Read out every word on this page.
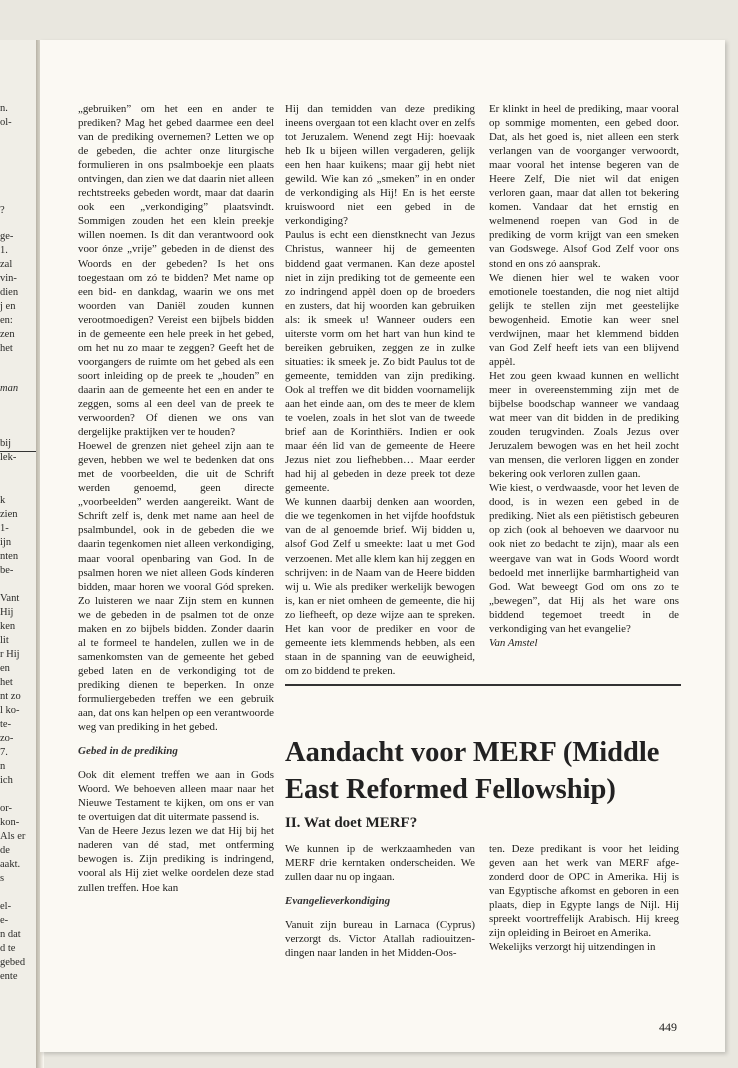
n.
ol-
?
ge-
1.
zal
vin-
dien
j en
en:
zen
het
man
bij
lek-
k
zien
1-
ijn
nten
be-
Vant
Hij
ken
lit
r Hij
en
het
nt zo
l ko-
te-
zo-
7.
n
ich
or-
kon-
Als er
de
aakt.
s
el-
e-
n dat
d te
gebed
ente

„gebruiken” om het een en ander te prediken? Mag het gebed daarmee een deel van de prediking overnemen? Letten we op de gebeden, die achter onze liturgische formulieren in ons psalmboekje een plaats ontvingen, dan zien we dat daarin niet alleen rechtstreeks gebeden wordt, maar dat daarin ook een „verkondiging” plaatsvindt. Sommigen zouden het een klein preekje willen noemen. Is dit dan verantwoord ook voor ónze „vrije” gebeden in de dienst des Woords en der gebeden? Is het ons toegestaan om zó te bidden? Met name op een bid- en dankdag, waarin we ons met woorden van Daniël zouden kunnen verootmoedigen? Vereist een bijbels bidden in de gemeente een hele preek in het gebed, om het nu zo maar te zeggen? Geeft het de voorgangers de ruimte om het gebed als een soort inleiding op de preek te „houden” en daarin aan de gemeente het een en ander te zeggen, soms al een deel van de preek te verwoorden? Of dienen we ons van dergelijke praktijken ver te houden?

Hoewel de grenzen niet geheel zijn aan te geven, hebben we wel te bedenken dat ons met de voorbeelden, die uit de Schrift werden genoemd, geen directe „voorbeelden” werden aangereikt. Want de Schrift zelf is, denk met name aan heel de psalmbundel, ook in de gebeden die we daarin tegenkomen niet alleen verkondiging, maar vooral openbaring van God. In de psalmen horen we niet alleen Gods kínderen bidden, maar horen we vooral Gód spreken. Zo luisteren we naar Zijn stem en kunnen we de gebeden in de psalmen tot de onze maken en zo bijbels bidden. Zonder daarin al te formeel te handelen, zullen we in de samenkomsten van de gemeente het gebed gebed laten en de verkondiging tot de prediking dienen te beperken. In onze formuliergebeden treffen we een gebruik aan, dat ons kan helpen op een verantwoorde weg van prediking in het gebed.

Gebed in de prediking

Ook dit element treffen we aan in Gods Woord. We behoeven alleen maar naar het Nieuwe Testament te kijken, om ons er van te overtuigen dat dit uitermate passend is.

Van de Heere Jezus lezen we dat Hij bij het naderen van dé stad, met ontferming bewogen is. Zijn prediking is indringend, vooral als Hij ziet welke oordelen deze stad zullen treffen. Hoe kan

Hij dan temidden van deze prediking ineens overgaan tot een klacht over en zelfs tot Jeruzalem. Wenend zegt Hij: hoevaak heb Ik u bijeen willen vergaderen, gelijk een hen haar kuikens; maar gij hebt niet gewild. Wie kan zó „smeken” in en onder de verkondiging als Hij! En is het eerste kruiswoord niet een gebed in de verkondiging?

Paulus is echt een dienstknecht van Jezus Christus, wanneer hij de gemeenten biddend gaat vermanen. Kan deze apostel niet in zijn prediking tot de gemeente een zo indringend appèl doen op de broeders en zusters, dat hij woorden kan gebruiken als: ik smeek u! Wanneer ouders een uiterste vorm om het hart van hun kind te bereiken gebruiken, zeggen ze in zulke situaties: ik smeek je. Zo bidt Paulus tot de gemeente, temidden van zijn prediking. Ook al treffen we dit bidden voornamelijk aan het einde aan, om des te meer de klem te voelen, zoals in het slot van de tweede brief aan de Korinthiërs. Indien er ook maar één lid van de gemeente de Heere Jezus niet zou liefhebben… Maar eerder had hij al gebeden in deze preek tot deze gemeente.

We kunnen daarbij denken aan woorden, die we tegenkomen in het vijfde hoofdstuk van de al genoemde brief. Wij bidden u, alsof God Zelf u smeekte: laat u met God verzoenen. Met alle klem kan hij zeggen en schrijven: in de Naam van de Heere bidden wij u. Wie als prediker werkelijk bewogen is, kan er niet omheen de gemeente, die hij zo liefheeft, op deze wijze aan te spreken. Het kan voor de prediker en voor de gemeente iets klemmends hebben, als een staan in de spanning van de eeuwigheid, om zo biddend te preken.

Er klinkt in heel de prediking, maar vooral op sommige momenten, een gebed door. Dat, als het goed is, niet alleen een sterk verlangen van de voorganger verwoordt, maar vooral het intense begeren van de Heere Zelf, Die niet wil dat enigen verloren gaan, maar dat allen tot bekering komen. Vandaar dat het ernstig en welmenend roepen van God in de prediking de vorm krijgt van een smeken van Godswege. Alsof God Zelf voor ons stond en ons zó aansprak.

We dienen hier wel te waken voor emotionele toestanden, die nog niet altijd gelijk te stellen zijn met geestelijke bewogenheid. Emotie kan weer snel verdwijnen, maar het klemmend bidden van God Zelf heeft iets van een blijvend appèl.

Het zou geen kwaad kunnen en wellicht meer in overeenstemming zijn met de bijbelse boodschap wanneer we vandaag wat meer van dit bidden in de prediking zouden terugvinden. Zoals Jezus over Jeruzalem bewogen was en het heil zocht van mensen, die verloren liggen en zonder bekering ook verloren zullen gaan.

Wie kiest, o verdwaasde, voor het leven de dood, is in wezen een gebed in de prediking. Niet als een piëtistisch gebeuren op zich (ook al behoeven we daarvoor nu ook niet zo bedacht te zijn), maar als een weergave van wat in Gods Woord wordt bedoeld met innerlijke barmhartigheid van God. Wat beweegt God om ons zo te „bewegen”, dat Hij als het ware ons biddend tegemoet treedt in de verkondiging van het evangelie?

Van Amstel

Aandacht voor MERF (Middle East Reformed Fellowship)
II. Wat doet MERF?

We kunnen ip de werkzaamheden van MERF drie kerntaken onderscheiden. We zullen daar nu op ingaan.

Evangelieverkondiging

Vanuit zijn bureau in Larnaca (Cyprus) verzorgt ds. Victor Atallah radiouitzendingen naar landen in het Midden-Oos-

ten. Deze predikant is voor het leiding geven aan het werk van MERF afgezonderd door de OPC in Amerika. Hij is van Egyptische afkomst en geboren in een plaats, diep in Egypte langs de Nijl. Hij spreekt voortreffelijk Arabisch. Hij kreeg zijn opleiding in Beiroet en Amerika.

Wekelijks verzorgt hij uitzendingen in

449
